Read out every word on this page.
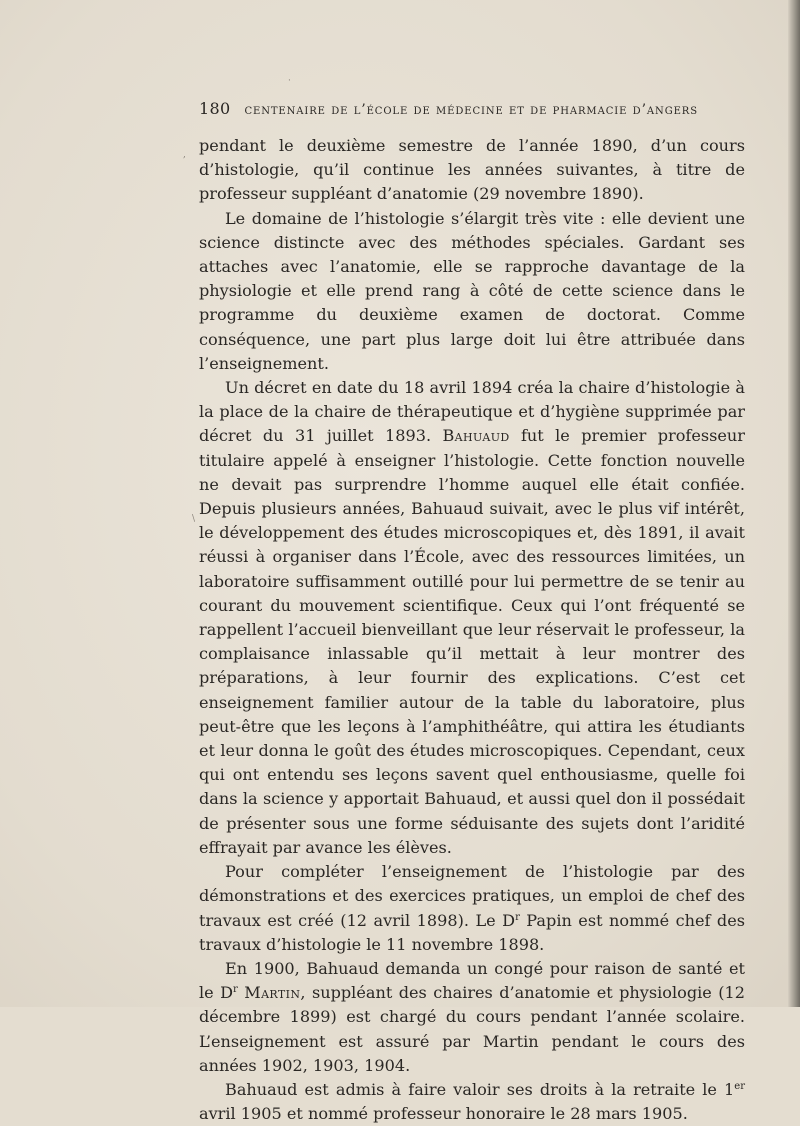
,
\
·
180 centenaire de l’école de médecine et de pharmacie d’angers

pendant le deuxième semestre de l’année 1890, d’un cours d’histologie, qu’il continue les années suivantes, à titre de professeur suppléant d’anatomie (29 novembre 1890).

Le domaine de l’histologie s’élargit très vite : elle devient une science distincte avec des méthodes spéciales. Gardant ses attaches avec l’anatomie, elle se rapproche davantage de la physiologie et elle prend rang à côté de cette science dans le programme du deuxième examen de doctorat. Comme conséquence, une part plus large doit lui être attribuée dans l’enseignement.

Un décret en date du 18 avril 1894 créa la chaire d’histologie à la place de la chaire de thérapeutique et d’hygiène supprimée par décret du 31 juillet 1893. Bahuaud fut le premier professeur titulaire appelé à enseigner l’histologie. Cette fonction nouvelle ne devait pas surprendre l’homme auquel elle était confiée. Depuis plusieurs années, Bahuaud suivait, avec le plus vif intérêt, le développement des études microscopiques et, dès 1891, il avait réussi à organiser dans l’École, avec des ressources limitées, un laboratoire suffisamment outillé pour lui permettre de se tenir au courant du mouvement scientifique. Ceux qui l’ont fréquenté se rappellent l’accueil bienveillant que leur réservait le professeur, la complaisance inlassable qu’il mettait à leur montrer des préparations, à leur fournir des explications. C’est cet enseignement familier autour de la table du laboratoire, plus peut-être que les leçons à l’amphithéâtre, qui attira les étudiants et leur donna le goût des études microscopiques. Cependant, ceux qui ont entendu ses leçons savent quel enthousiasme, quelle foi dans la science y apportait Bahuaud, et aussi quel don il possédait de présenter sous une forme séduisante des sujets dont l’aridité effrayait par avance les élèves.

Pour compléter l’enseignement de l’histologie par des démonstrations et des exercices pratiques, un emploi de chef des travaux est créé (12 avril 1898). Le $D^r$ Papin est nommé chef des travaux d’histologie le 11 novembre 1898.

En 1900, Bahuaud demanda un congé pour raison de santé et le $D^r$ Martin, suppléant des chaires d’anatomie et physiologie (12 décembre 1899) est chargé du cours pendant l’année scolaire. L’enseignement est assuré par Martin pendant le cours des années 1902, 1903, 1904.

Bahuaud est admis à faire valoir ses droits à la retraite le 1er avril 1905 et nommé professeur honoraire le 28 mars 1905.
